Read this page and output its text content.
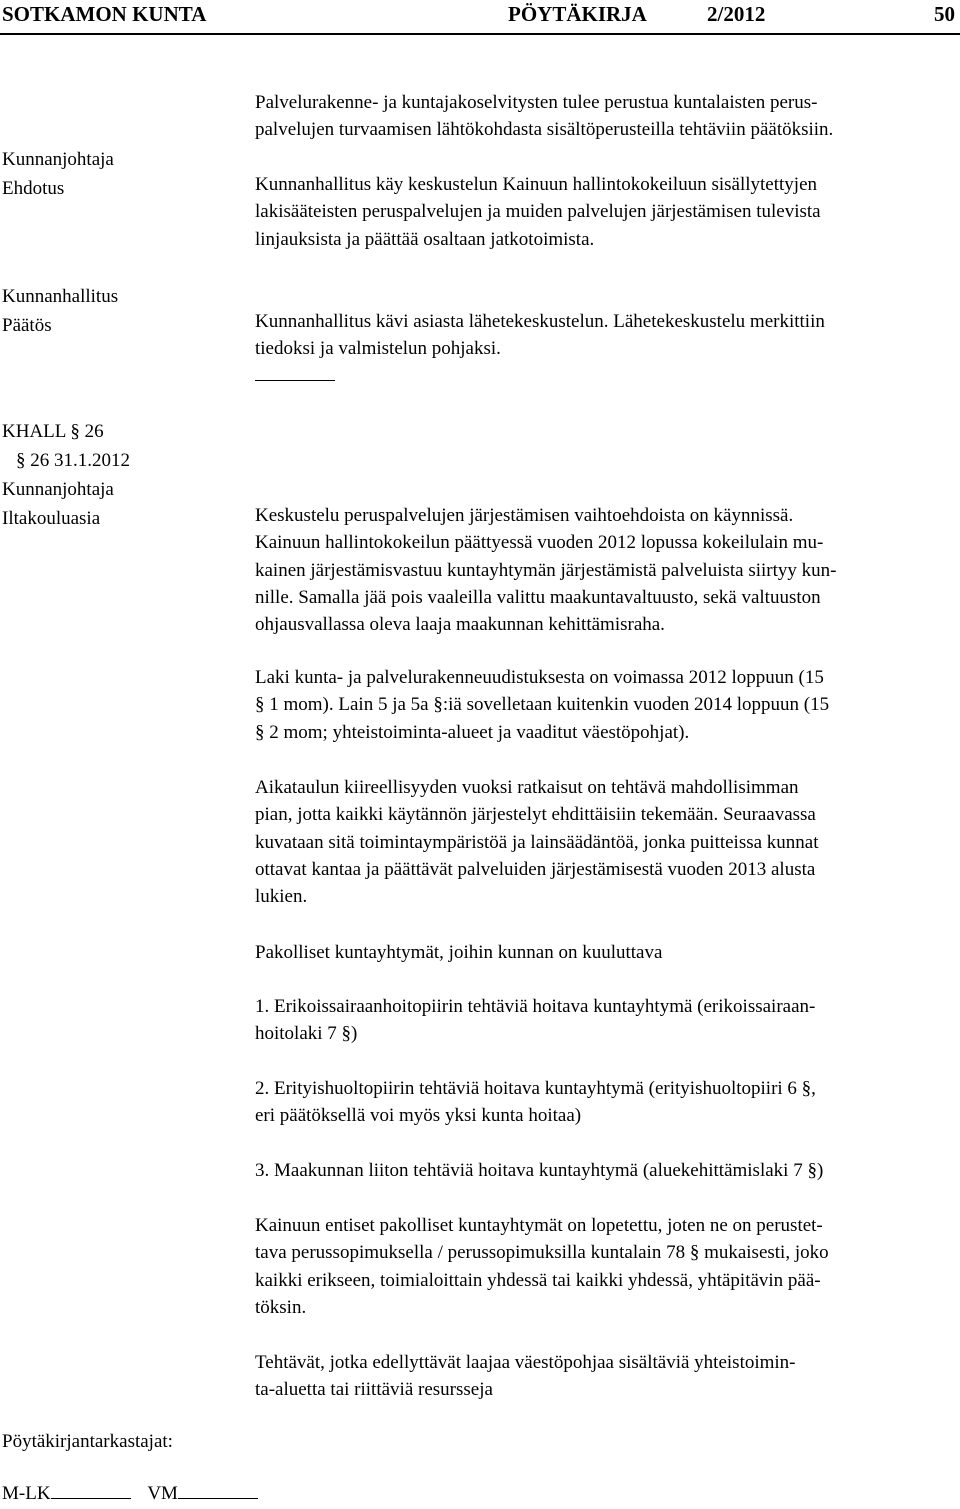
SOTKAMON KUNTA	PÖYTÄKIRJA	2/2012	50
Kunnanjohtaja
Ehdotus
Kunnanhallitus
Päätös
KHALL § 26
§ 26 31.1.2012
Kunnanjohtaja
Iltakouluasia
Palvelurakenne- ja kuntajakoselvitysten tulee perustua kuntalaisten perus-
palvelujen turvaamisen lähtökohdasta sisältöperusteilla tehtäviin päätöksiin.
Kunnanhallitus käy keskustelun Kainuun hallintokokeiluun sisällytettyjen
lakisääteisten peruspalvelujen ja muiden palvelujen järjestämisen tulevista
linjauksista ja päättää osaltaan jatkotoimista.
Kunnanhallitus kävi asiasta lähetekeskustelun. Lähetekeskustelu merkittiin
tiedoksi ja valmistelun pohjaksi.
Keskustelu peruspalvelujen järjestämisen vaihtoehdoista on käynnissä.
Kainuun hallintokokeilun päättyessä vuoden 2012 lopussa kokeilulain mu-
kainen järjestämisvastuu kuntayhtymän järjestämistä palveluista siirtyy kun-
nille. Samalla jää pois vaaleilla valittu maakuntavaltuusto, sekä valtuuston
ohjausvallassa oleva laaja maakunnan kehittämisraha.
Laki kunta- ja palvelurakenneuudistuksesta on voimassa 2012 loppuun (15
§ 1 mom). Lain 5 ja 5a §:iä sovelletaan kuitenkin vuoden 2014 loppuun (15
§ 2 mom; yhteistoiminta-alueet ja vaaditut väestöpohjat).
Aikataulun kiireellisyyden vuoksi ratkaisut on tehtävä mahdollisimman
pian, jotta kaikki käytännön järjestelyt ehdittäisiin tekemään. Seuraavassa
kuvataan sitä toimintaympäristöä ja lainsäädäntöä, jonka puitteissa kunnat
ottavat kantaa ja päättävät palveluiden järjestämisestä vuoden 2013 alusta
lukien.
Pakolliset kuntayhtymät, joihin kunnan on kuuluttava
1. Erikoissairaanhoitopiirin tehtäviä hoitava kuntayhtymä (erikoissairaan-
hoitolaki 7 §)
2. Erityishuoltopiirin tehtäviä hoitava kuntayhtymä (erityishuoltopiiri 6 §,
eri päätöksellä voi myös yksi kunta hoitaa)
3. Maakunnan liiton tehtäviä hoitava kuntayhtymä (aluekehittämislaki 7 §)
Kainuun entiset pakolliset kuntayhtymät on lopetettu, joten ne on perustet-
tava perussopimuksella / perussopimuksilla kuntalain 78 § mukaisesti, joko
kaikki erikseen, toimialoittain yhdessä tai kaikki yhdessä, yhtäpitävin pää-
töksin.
Tehtävät, jotka edellyttävät laajaa väestöpohjaa sisältäviä yhteistoimin-
ta-aluetta tai riittäviä resursseja
Pöytäkirjantarkastajat:
M-LK	VM
